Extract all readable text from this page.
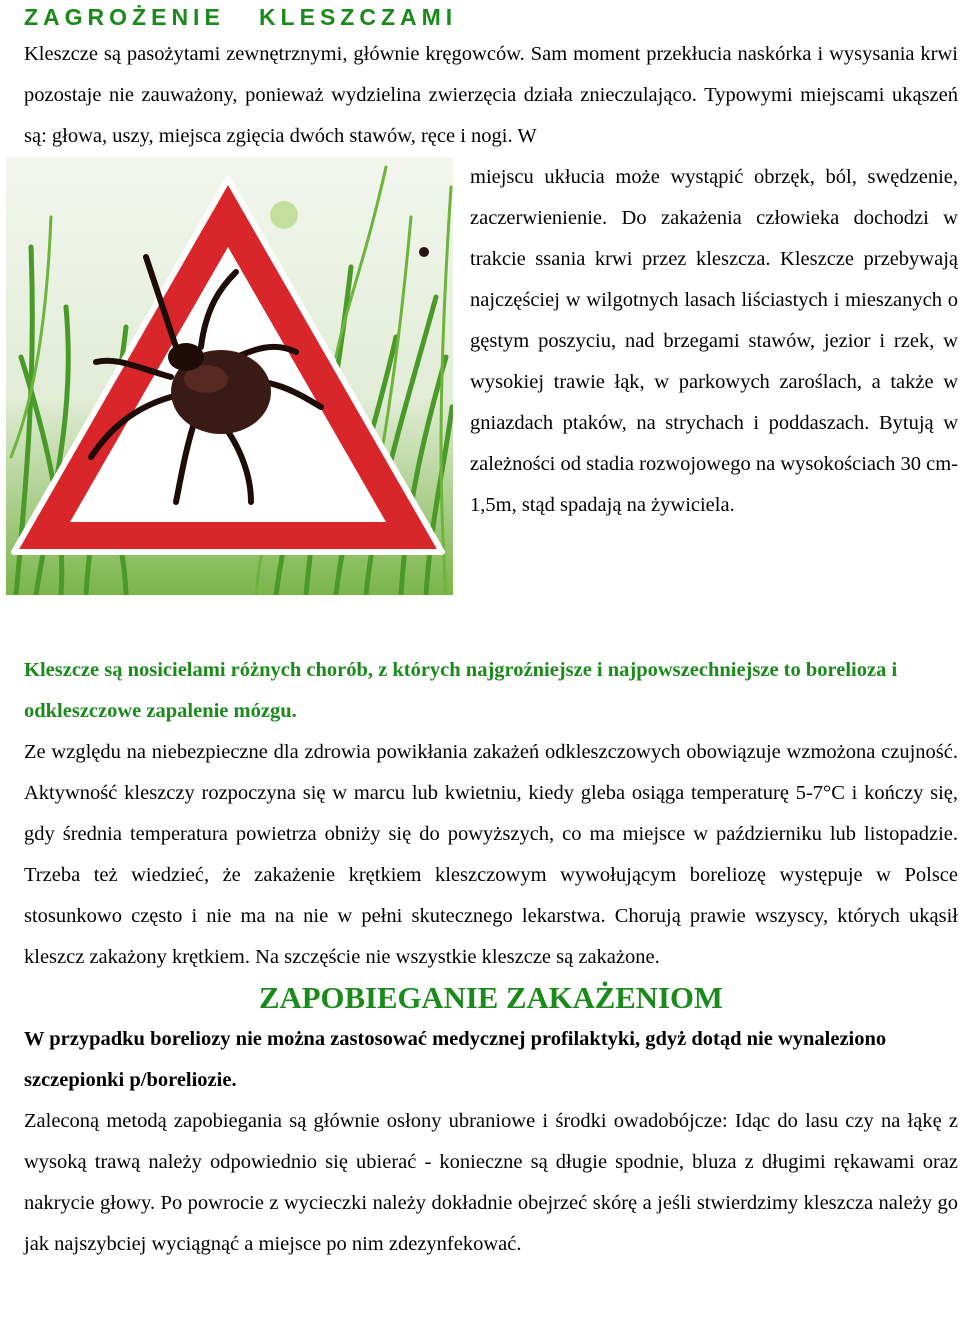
ZAGROŻENIE   KLESZCZAMI

Kleszcze są pasożytami zewnętrznymi, głównie kręgowców. Sam moment przekłucia naskórka i wysysania krwi pozostaje nie zauważony, ponieważ wydzielina zwierzęcia działa znieczulająco. Typowymi miejscami ukąszeń są: głowa, uszy, miejsca zgięcia dwóch stawów, ręce i nogi. W

miejscu ukłucia może wystąpić obrzęk, ból, swędzenie, zaczerwienienie. Do zakażenia człowieka dochodzi w trakcie ssania krwi przez kleszcza. Kleszcze przebywają najczęściej w wilgotnych lasach liściastych i mieszanych o gęstym poszyciu, nad brzegami stawów, jezior i rzek, w wysokiej trawie łąk, w parkowych zaroślach, a także w gniazdach ptaków, na strychach i poddaszach. Bytują w zależności od stadia rozwojowego na wysokościach 30 cm-1,5m, stąd spadają na żywiciela.

Kleszcze są nosicielami różnych chorób, z których najgroźniejsze i najpowszechniejsze to borelioza i odkleszczowe zapalenie mózgu.

Ze względu na niebezpieczne dla zdrowia powikłania zakażeń odkleszczowych obowiązuje wzmożona czujność. Aktywność kleszczy rozpoczyna się w marcu lub kwietniu, kiedy gleba osiąga temperaturę 5-7°C i kończy się, gdy średnia temperatura powietrza obniży się do powyższych, co ma miejsce w październiku lub listopadzie. Trzeba też wiedzieć, że zakażenie krętkiem kleszczowym wywołującym boreliozę występuje w Polsce stosunkowo często i nie ma na nie w pełni skutecznego lekarstwa. Chorują prawie wszyscy, których ukąsił kleszcz zakażony krętkiem. Na szczęście nie wszystkie kleszcze są zakażone.

ZAPOBIEGANIE ZAKAŻENIOM

W przypadku boreliozy nie można zastosować medycznej profilaktyki, gdyż dotąd nie wynaleziono szczepionki p/boreliozie.

Zaleconą metodą zapobiegania są głównie osłony ubraniowe i środki owadobójcze: Idąc do lasu czy na łąkę z wysoką trawą należy odpowiednio się ubierać - konieczne są długie spodnie, bluza z długimi rękawami oraz nakrycie głowy. Po powrocie z wycieczki należy dokładnie obejrzeć skórę a jeśli stwierdzimy kleszcza należy go jak najszybciej wyciągnąć a miejsce po nim zdezynfekować.
